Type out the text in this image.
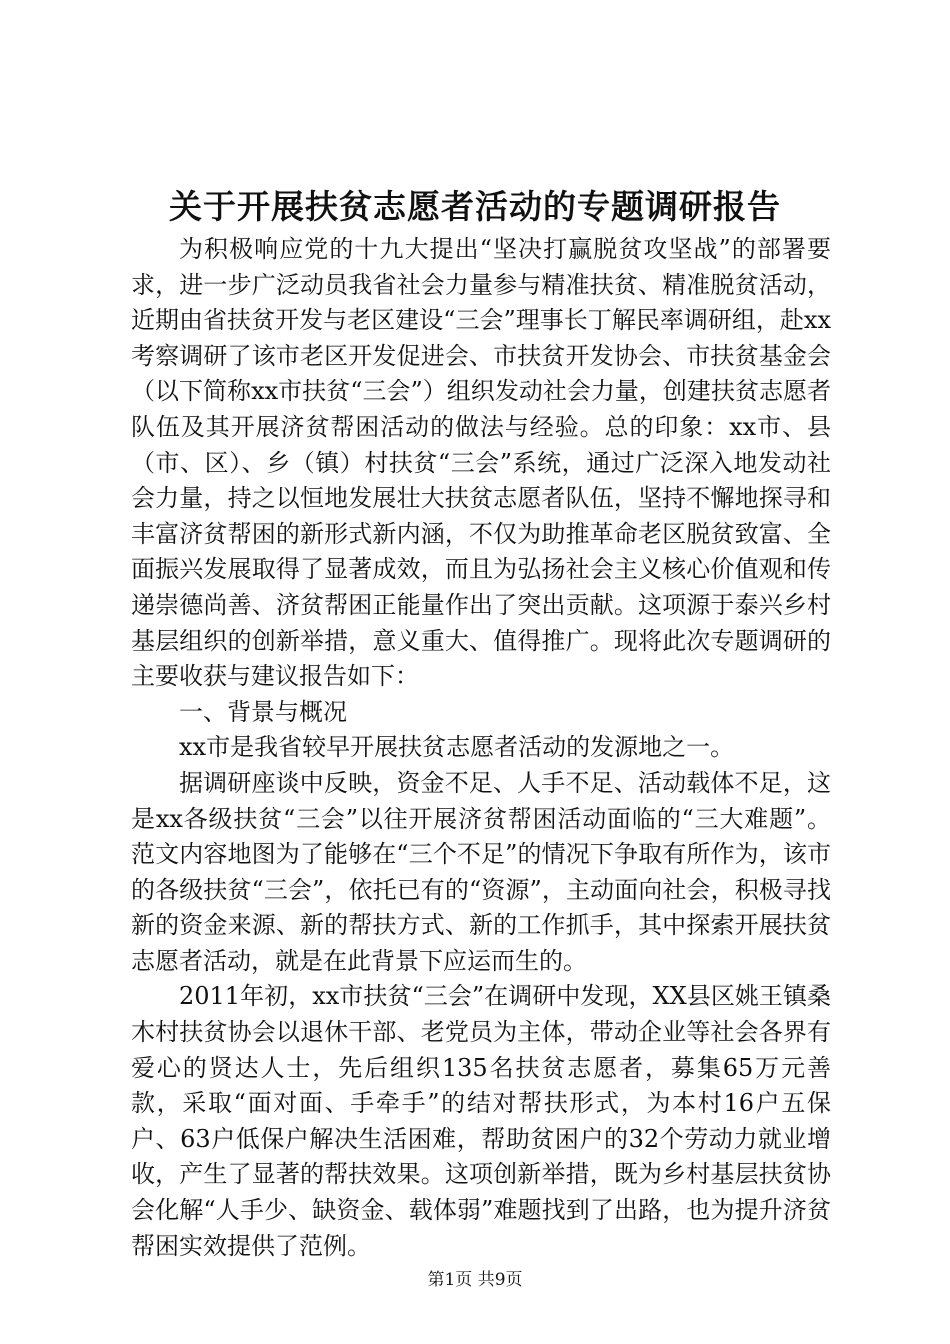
关于开展扶贫志愿者活动的专题调研报告

为积极响应党的十九大提出“坚决打赢脱贫攻坚战”的部署要求，进一步广泛动员我省社会力量参与精准扶贫、精准脱贫活动，近期由省扶贫开发与老区建设“三会”理事长丁解民率调研组，赴xx考察调研了该市老区开发促进会、市扶贫开发协会、市扶贫基金会（以下简称xx市扶贫“三会”）组织发动社会力量，创建扶贫志愿者队伍及其开展济贫帮困活动的做法与经验。总的印象：xx市、县（市、区）、乡（镇）村扶贫“三会”系统，通过广泛深入地发动社会力量，持之以恒地发展壮大扶贫志愿者队伍，坚持不懈地探寻和丰富济贫帮困的新形式新内涵，不仅为助推革命老区脱贫致富、全面振兴发展取得了显著成效，而且为弘扬社会主义核心价值观和传递崇德尚善、济贫帮困正能量作出了突出贡献。这项源于泰兴乡村基层组织的创新举措，意义重大、值得推广。现将此次专题调研的主要收获与建议报告如下：

一、背景与概况

xx市是我省较早开展扶贫志愿者活动的发源地之一。

据调研座谈中反映，资金不足、人手不足、活动载体不足，这是xx各级扶贫“三会”以往开展济贫帮困活动面临的“三大难题”。范文内容地图为了能够在“三个不足”的情况下争取有所作为，该市的各级扶贫“三会”，依托已有的“资源”，主动面向社会，积极寻找新的资金来源、新的帮扶方式、新的工作抓手，其中探索开展扶贫志愿者活动，就是在此背景下应运而生的。

2011年初，xx市扶贫“三会”在调研中发现，XX县区姚王镇桑木村扶贫协会以退休干部、老党员为主体，带动企业等社会各界有爱心的贤达人士，先后组织135名扶贫志愿者，募集65万元善款，采取“面对面、手牵手”的结对帮扶形式，为本村16户五保户、63户低保户解决生活困难，帮助贫困户的32个劳动力就业增收，产生了显著的帮扶效果。这项创新举措，既为乡村基层扶贫协会化解“人手少、缺资金、载体弱”难题找到了出路，也为提升济贫帮困实效提供了范例。

第1页 共9页
